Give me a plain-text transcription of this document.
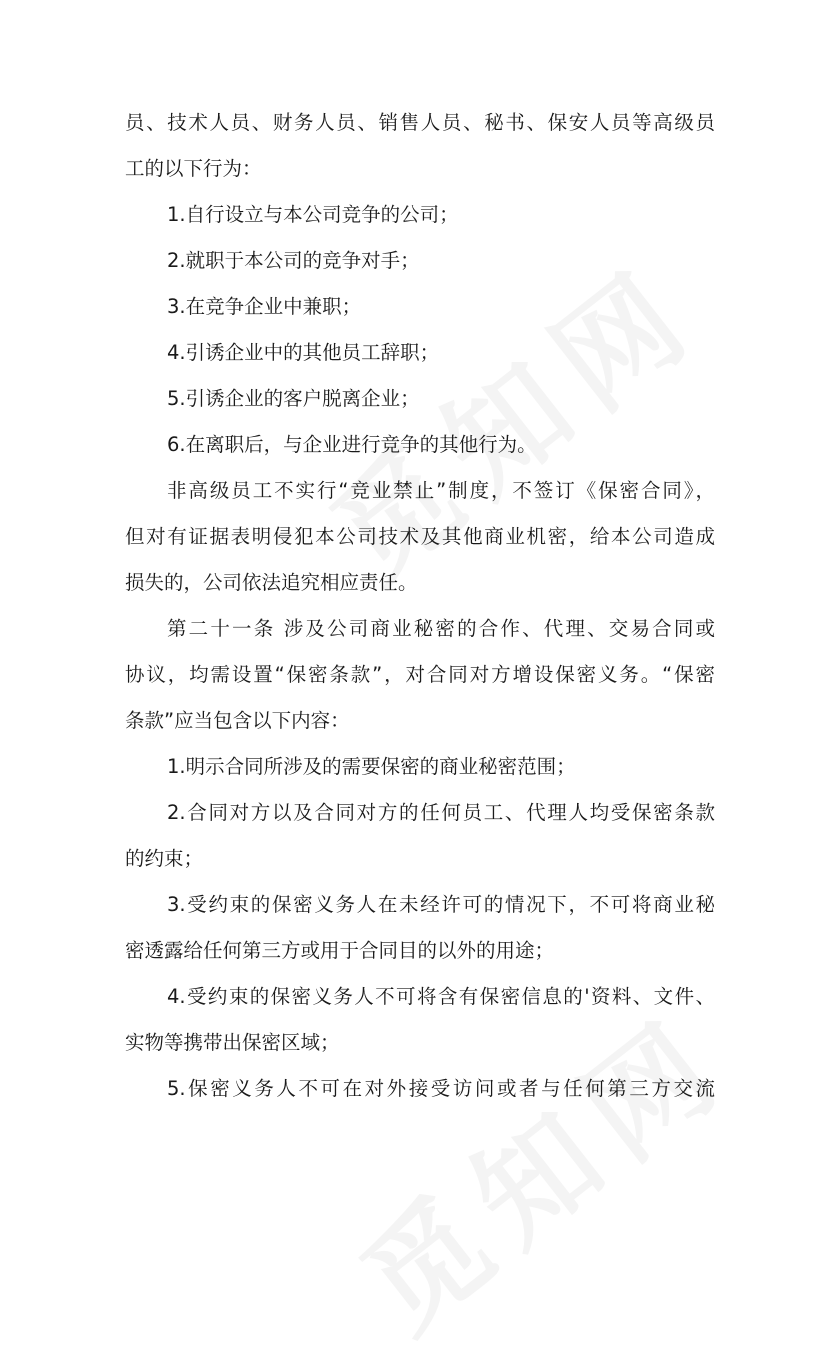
员、技术人员、财务人员、销售人员、秘书、保安人员等高级员
工的以下行为：
1.自行设立与本公司竞争的公司；
2.就职于本公司的竞争对手；
3.在竞争企业中兼职；
4.引诱企业中的其他员工辞职；
5.引诱企业的客户脱离企业；
6.在离职后，与企业进行竞争的其他行为。
非高级员工不实行“竞业禁止”制度，不签订《保密合同》，
但对有证据表明侵犯本公司技术及其他商业机密，给本公司造成
损失的，公司依法追究相应责任。
第二十一条 涉及公司商业秘密的合作、代理、交易合同或
协议，均需设置“保密条款”，对合同对方增设保密义务。“保密
条款”应当包含以下内容：
1.明示合同所涉及的需要保密的商业秘密范围；
2.合同对方以及合同对方的任何员工、代理人均受保密条款
的约束；
3.受约束的保密义务人在未经许可的情况下，不可将商业秘
密透露给任何第三方或用于合同目的以外的用途；
4.受约束的保密义务人不可将含有保密信息的'资料、文件、
实物等携带出保密区域；
5.保密义务人不可在对外接受访问或者与任何第三方交流
